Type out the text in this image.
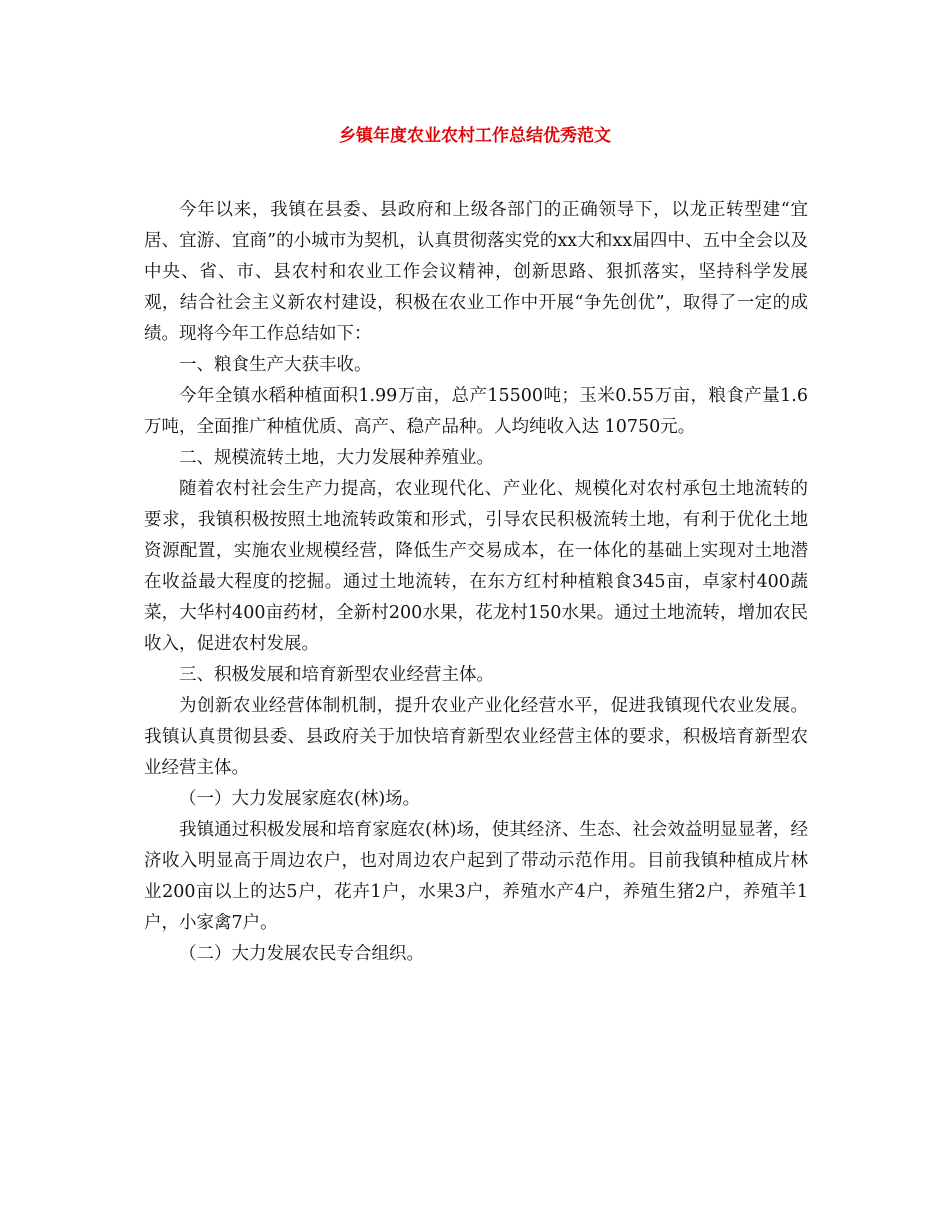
乡镇年度农业农村工作总结优秀范文

今年以来，我镇在县委、县政府和上级各部门的正确领导下，以龙正转型建“宜居、宜游、宜商”的小城市为契机，认真贯彻落实党的xx大和xx届四中、五中全会以及中央、省、市、县农村和农业工作会议精神，创新思路、狠抓落实，坚持科学发展观，结合社会主义新农村建设，积极在农业工作中开展“争先创优”，取得了一定的成绩。现将今年工作总结如下：

一、粮食生产大获丰收。

今年全镇水稻种植面积1.99万亩，总产15500吨；玉米0.55万亩，粮食产量1.6万吨，全面推广种植优质、高产、稳产品种。人均纯收入达 10750元。

二、规模流转土地，大力发展种养殖业。

随着农村社会生产力提高，农业现代化、产业化、规模化对农村承包土地流转的要求，我镇积极按照土地流转政策和形式，引导农民积极流转土地，有利于优化土地资源配置，实施农业规模经营，降低生产交易成本，在一体化的基础上实现对土地潜在收益最大程度的挖掘。通过土地流转，在东方红村种植粮食345亩，卓家村400蔬菜，大华村400亩药材，全新村200水果，花龙村150水果。通过土地流转，增加农民收入，促进农村发展。

三、积极发展和培育新型农业经营主体。

为创新农业经营体制机制，提升农业产业化经营水平，促进我镇现代农业发展。我镇认真贯彻县委、县政府关于加快培育新型农业经营主体的要求，积极培育新型农业经营主体。

（一）大力发展家庭农(林)场。

我镇通过积极发展和培育家庭农(林)场，使其经济、生态、社会效益明显显著，经济收入明显高于周边农户，也对周边农户起到了带动示范作用。目前我镇种植成片林业200亩以上的达5户，花卉1户，水果3户，养殖水产4户，养殖生猪2户，养殖羊1户，小家禽7户。

（二）大力发展农民专合组织。
